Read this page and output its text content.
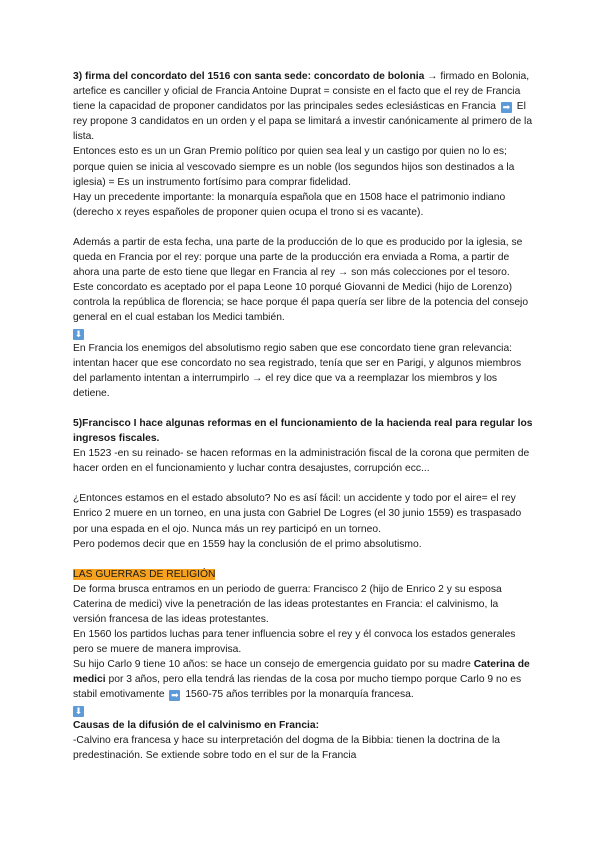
3) firma del concordato del 1516 con santa sede: concordato de bolonia → firmado en Bolonia, artefice es canciller y oficial de Francia Antoine Duprat = consiste en el facto que el rey de Francia tiene la capacidad de proponer candidatos por las principales sedes eclesiásticas en Francia ➡ El rey propone 3 candidatos en un orden y el papa se limitará a investir canónicamente al primero de la lista.

Entonces esto es un un Gran Premio político por quien sea leal y un castigo por quien no lo es; porque quien se inicia al vescovado siempre es un noble (los segundos hijos son destinados a la iglesia) = Es un instrumento fortísimo para comprar fidelidad.

Hay un precedente importante: la monarquía española que en 1508 hace el patrimonio indiano (derecho x reyes españoles de proponer quien ocupa el trono si es vacante).

Además a partir de esta fecha, una parte de la producción de lo que es producido por la iglesia, se queda en Francia por el rey: porque una parte de la producción era enviada a Roma, a partir de ahora una parte de esto tiene que llegar en Francia al rey → son más colecciones por el tesoro.

Este concordato es aceptado por el papa Leone 10 porqué Giovanni de Medici (hijo de Lorenzo) controla la república de florencia; se hace porque él papa quería ser libre de la potencia del consejo general en el cual estaban los Medici también.

⬇

En Francia los enemigos del absolutismo regio saben que ese concordato tiene gran relevancia: intentan hacer que ese concordato no sea registrado, tenía que ser en Parigi, y algunos miembros del parlamento intentan a interrumpirlo → el rey dice que va a reemplazar los miembros y los detiene.

5)Francisco I hace algunas reformas en el funcionamiento de la hacienda real para regular los ingresos fiscales.

En 1523 -en su reinado- se hacen reformas en la administración fiscal de la corona que permiten de hacer orden en el funcionamiento y luchar contra desajustes, corrupción ecc...

¿Entonces estamos en el estado absoluto? No es así fácil: un accidente y todo por el aire= el rey Enrico 2 muere en un torneo, en una justa con Gabriel De Logres (el 30 junio 1559) es traspasado por una espada en el ojo. Nunca más un rey participó en un torneo.

Pero podemos decir que en 1559 hay la conclusión de el primo absolutismo.

LAS GUERRAS DE RELIGIÓN

De forma brusca entramos en un periodo de guerra: Francisco 2 (hijo de Enrico 2 y su esposa Caterina de medici) vive la penetración de las ideas protestantes en Francia: el calvinismo, la versión francesa de las ideas protestantes.

En 1560 los partidos luchas para tener influencia sobre el rey y él convoca los estados generales pero se muere de manera improvisa.

Su hijo Carlo 9 tiene 10 años: se hace un consejo de emergencia guidato por su madre Caterina de medici por 3 años, pero ella tendrá las riendas de la cosa por mucho tiempo porque Carlo 9 no es stabil emotivamente ➡ 1560-75 años terribles por la monarquía francesa.

⬇

Causas de la difusión de el calvinismo en Francia:

-Calvino era francesa y hace su interpretación del dogma de la Bibbia: tienen la doctrina de la predestinación. Se extiende sobre todo en el sur de la Francia
